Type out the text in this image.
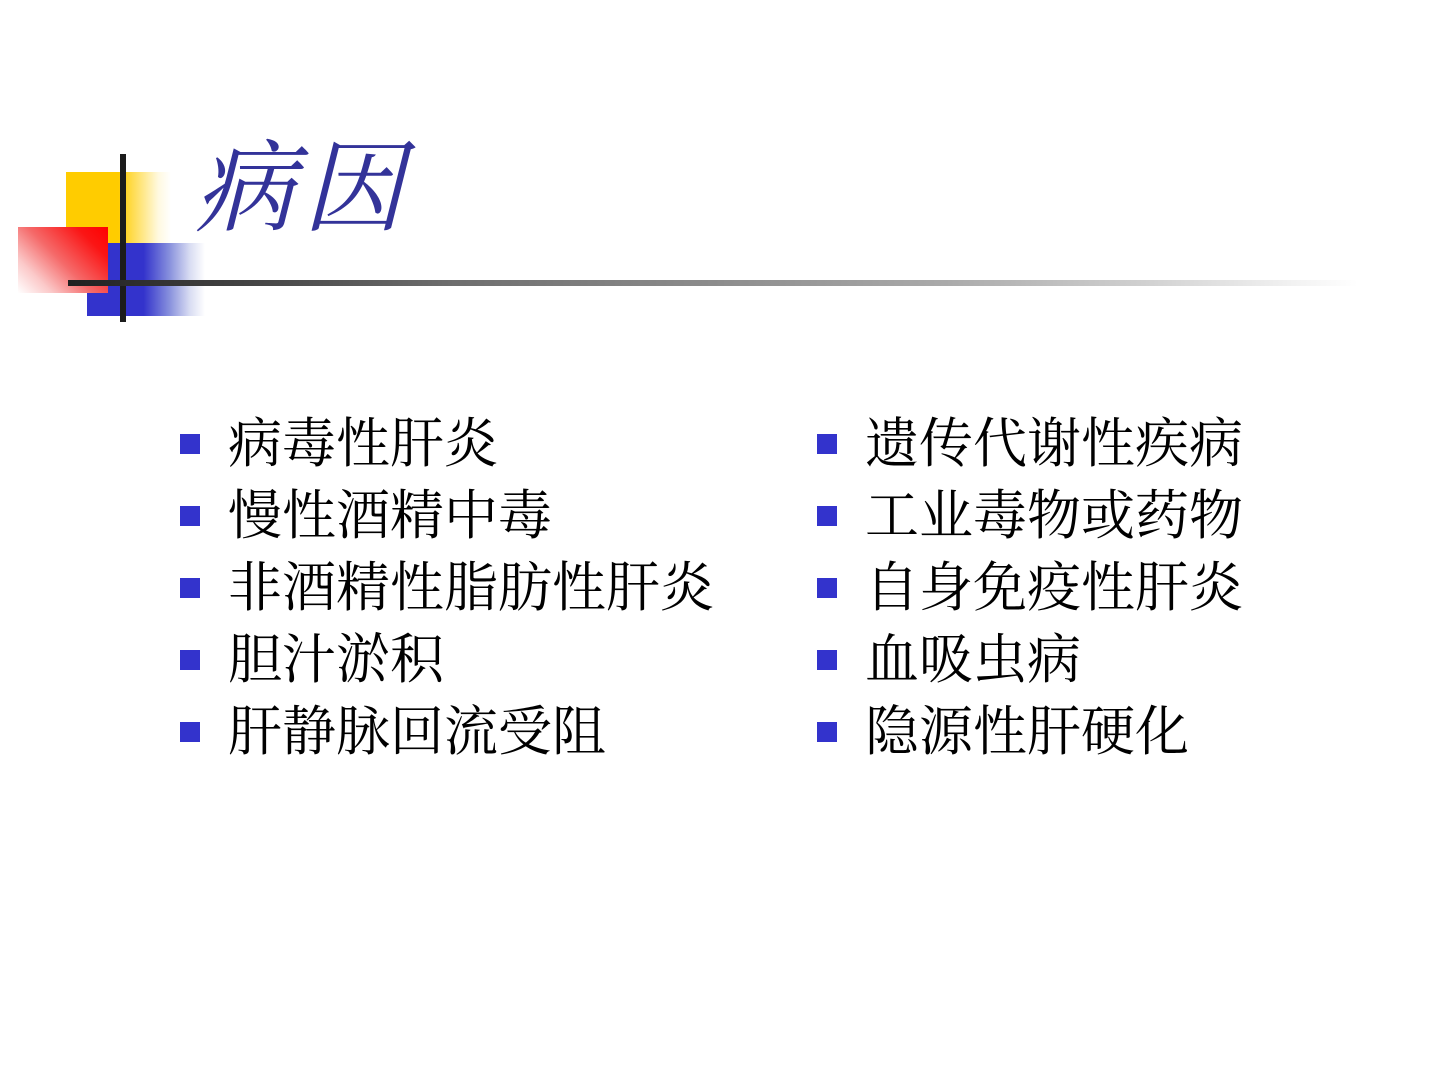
病因
病毒性肝炎
慢性酒精中毒
非酒精性脂肪性肝炎
胆汁淤积
肝静脉回流受阻
遗传代谢性疾病
工业毒物或药物
自身免疫性肝炎
血吸虫病
隐源性肝硬化
